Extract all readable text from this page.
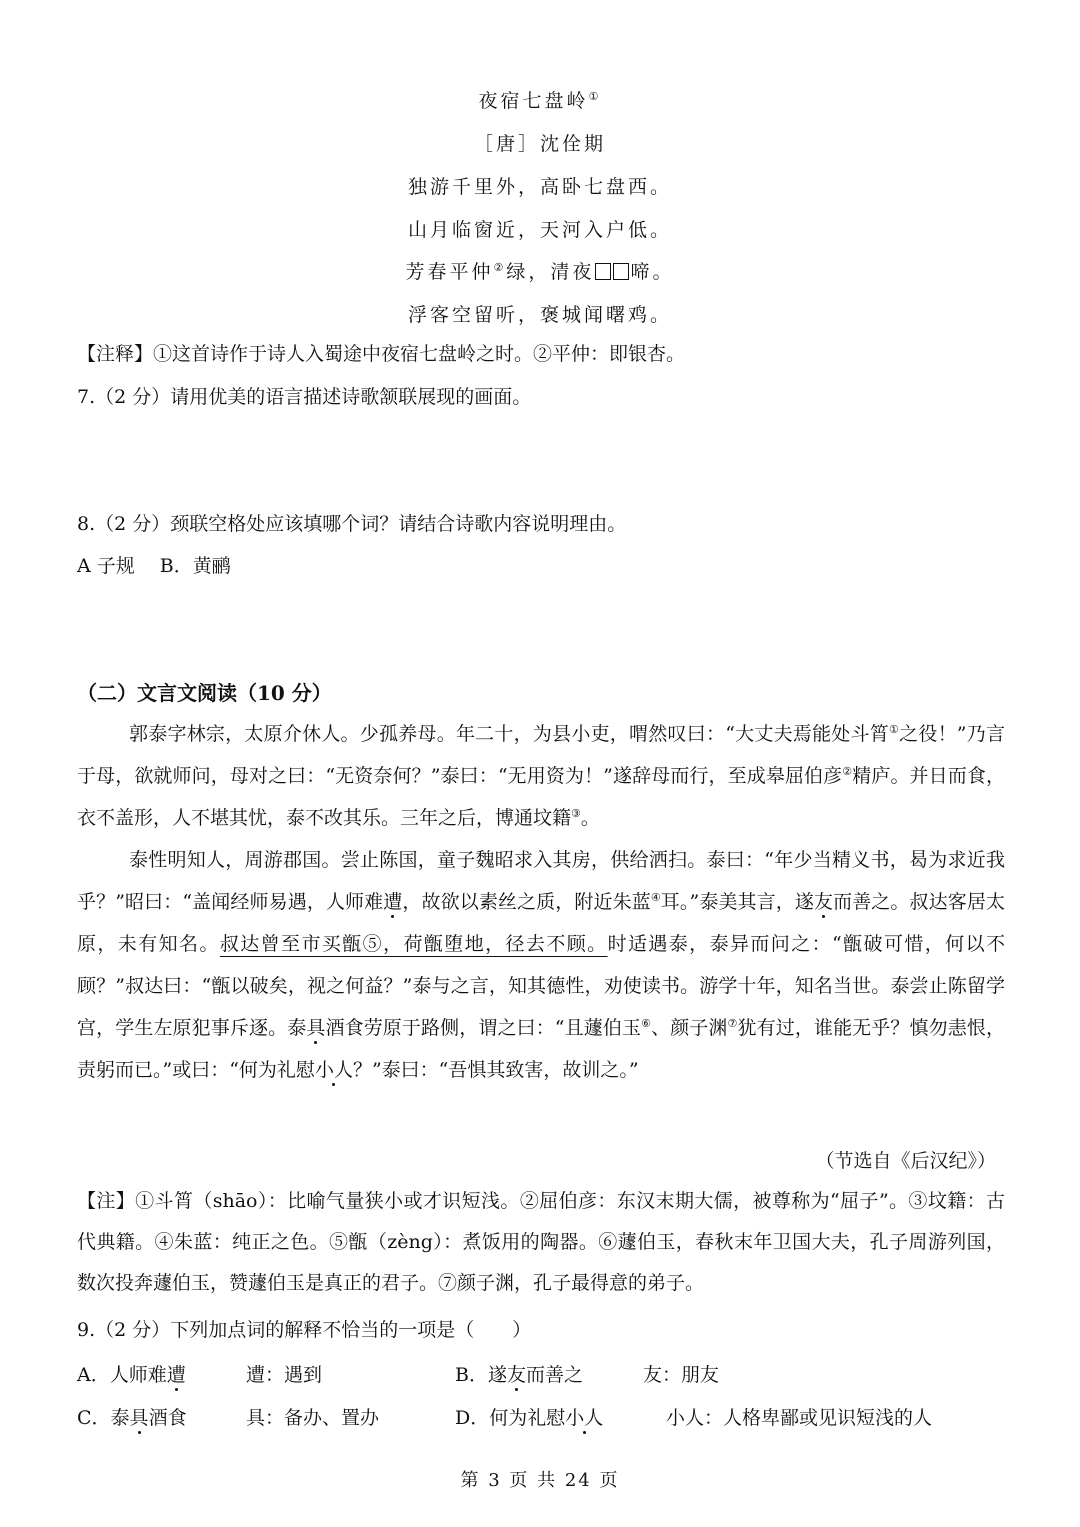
夜宿七盘岭①
［唐］沈佺期
独游千里外，高卧七盘西。
山月临窗近，天河入户低。
芳春平仲②绿，清夜 啼。
浮客空留听，褒城闻曙鸡。
【注释】①这首诗作于诗人入蜀途中夜宿七盘岭之时。②平仲：即银杏。
7.（2 分）请用优美的语言描述诗歌颔联展现的画面。
8.（2 分）颈联空格处应该填哪个词？请结合诗歌内容说明理由。
A 子规　 B．黄鹂
（二）文言文阅读（10 分）
郭泰字林宗，太原介休人。少孤养母。年二十，为县小吏，喟然叹曰：“大丈夫焉能处斗筲①之役！”乃言于母，欲就师问，母对之曰：“无资奈何？”泰曰：“无用资为！”遂辞母而行，至成皋屈伯彦②精庐。并日而食，衣不盖形，人不堪其忧，泰不改其乐。三年之后，博通坟籍③。
泰性明知人，周游郡国。尝止陈国，童子魏昭求入其房，供给洒扫。泰曰：“年少当精义书，曷为求近我乎？”昭曰：“盖闻经师易遇，人师难遭，故欲以素丝之质，附近朱蓝④耳。”泰美其言，遂友而善之。叔达客居太原，未有知名。叔达曾至市买甑⑤，荷甑堕地，径去不顾。时适遇泰，泰异而问之：“甑破可惜，何以不顾？”叔达曰：“甑以破矣，视之何益？”泰与之言，知其德性，劝使读书。游学十年，知名当世。泰尝止陈留学宫，学生左原犯事斥逐。泰具酒食劳原于路侧，谓之曰：“且蘧伯玉⑥、颜子渊⑦犹有过，谁能无乎？慎勿恚恨，责躬而已。”或曰：“何为礼慰小人？”泰曰：“吾惧其致害，故训之。”
（节选自《后汉纪》）
【注】①斗筲（shāo）：比喻气量狭小或才识短浅。②屈伯彦：东汉末期大儒，被尊称为“屈子”。③坟籍：古代典籍。④朱蓝：纯正之色。⑤甑（zèng）：煮饭用的陶器。⑥蘧伯玉，春秋末年卫国大夫，孔子周游列国，数次投奔蘧伯玉，赞蘧伯玉是真正的君子。⑦颜子渊，孔子最得意的弟子。
9.（2 分）下列加点词的解释不恰当的一项是（　　）
A．人师难遭	遭：遇到	B．遂友而善之	友：朋友
C．泰具酒食	具：备办、置办	D．何为礼慰小人	小人：人格卑鄙或见识短浅的人
第 3 页 共 24 页
